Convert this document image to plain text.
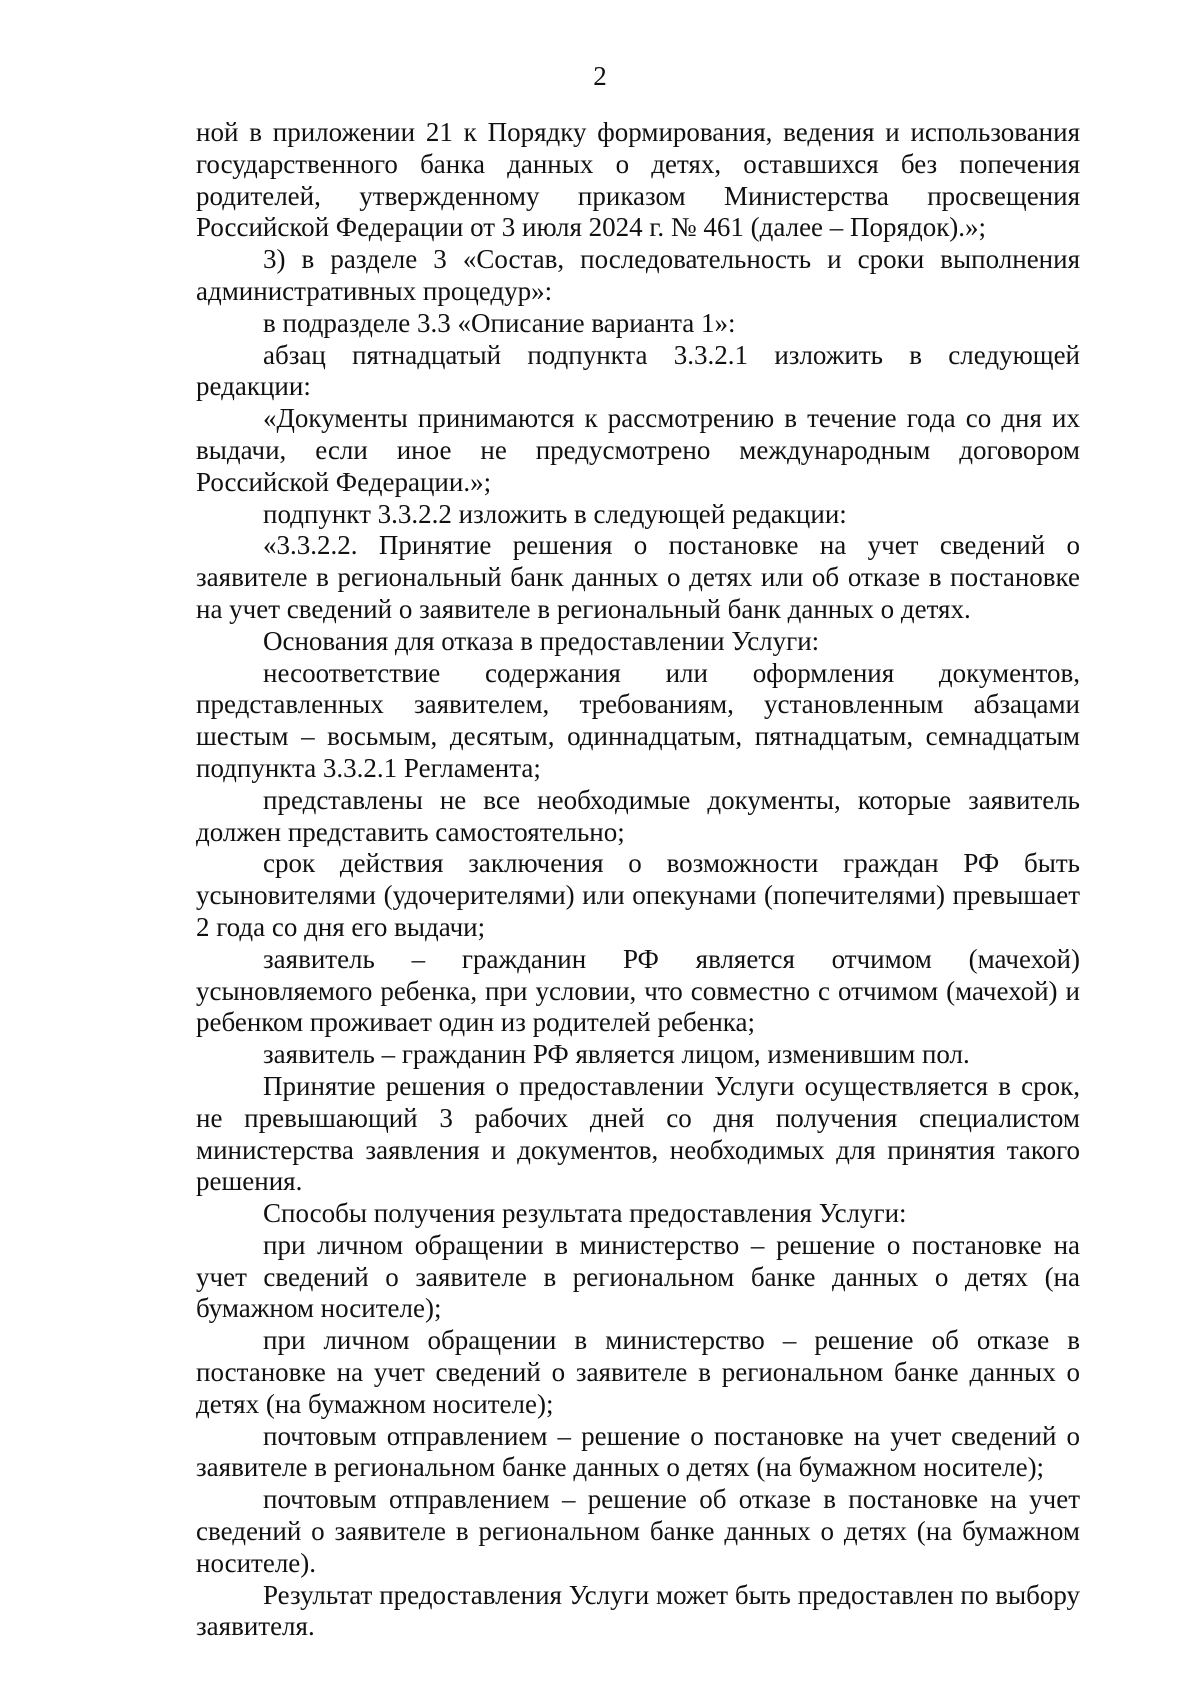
2

ной в приложении 21 к Порядку формирования, ведения и использования государственного банка данных о детях, оставшихся без попечения родителей, утвержденному приказом Министерства просвещения Российской Федерации от 3 июля 2024 г. № 461 (далее – Порядок).»;

3) в разделе 3 «Состав, последовательность и сроки выполнения административных процедур»:

в подразделе 3.3 «Описание варианта 1»:

абзац пятнадцатый подпункта 3.3.2.1 изложить в следующей редакции:

«Документы принимаются к рассмотрению в течение года со дня их выдачи, если иное не предусмотрено международным договором Российской Федерации.»;

подпункт 3.3.2.2 изложить в следующей редакции:

«3.3.2.2. Принятие решения о постановке на учет сведений о заявителе в региональный банк данных о детях или об отказе в постановке на учет сведений о заявителе в региональный банк данных о детях.

Основания для отказа в предоставлении Услуги:

несоответствие содержания или оформления документов, представленных заявителем, требованиям, установленным абзацами шестым – восьмым, десятым, одиннадцатым, пятнадцатым, семнадцатым подпункта 3.3.2.1 Регламента;

представлены не все необходимые документы, которые заявитель должен представить самостоятельно;

срок действия заключения о возможности граждан РФ быть усыновителями (удочерителями) или опекунами (попечителями) превышает 2 года со дня его выдачи;

заявитель – гражданин РФ является отчимом (мачехой) усыновляемого ребенка, при условии, что совместно с отчимом (мачехой) и ребенком проживает один из родителей ребенка;

заявитель – гражданин РФ является лицом, изменившим пол.

Принятие решения о предоставлении Услуги осуществляется в срок, не превышающий 3 рабочих дней со дня получения специалистом министерства заявления и документов, необходимых для принятия такого решения.

Способы получения результата предоставления Услуги:

при личном обращении в министерство – решение о постановке на учет сведений о заявителе в региональном банке данных о детях (на бумажном носителе);

при личном обращении в министерство – решение об отказе в постановке на учет сведений о заявителе в региональном банке данных о детях (на бумажном носителе);

почтовым отправлением – решение о постановке на учет сведений о заявителе в региональном банке данных о детях (на бумажном носителе);

почтовым отправлением – решение об отказе в постановке на учет сведений о заявителе в региональном банке данных о детях (на бумажном носителе).

Результат предоставления Услуги может быть предоставлен по выбору заявителя.
